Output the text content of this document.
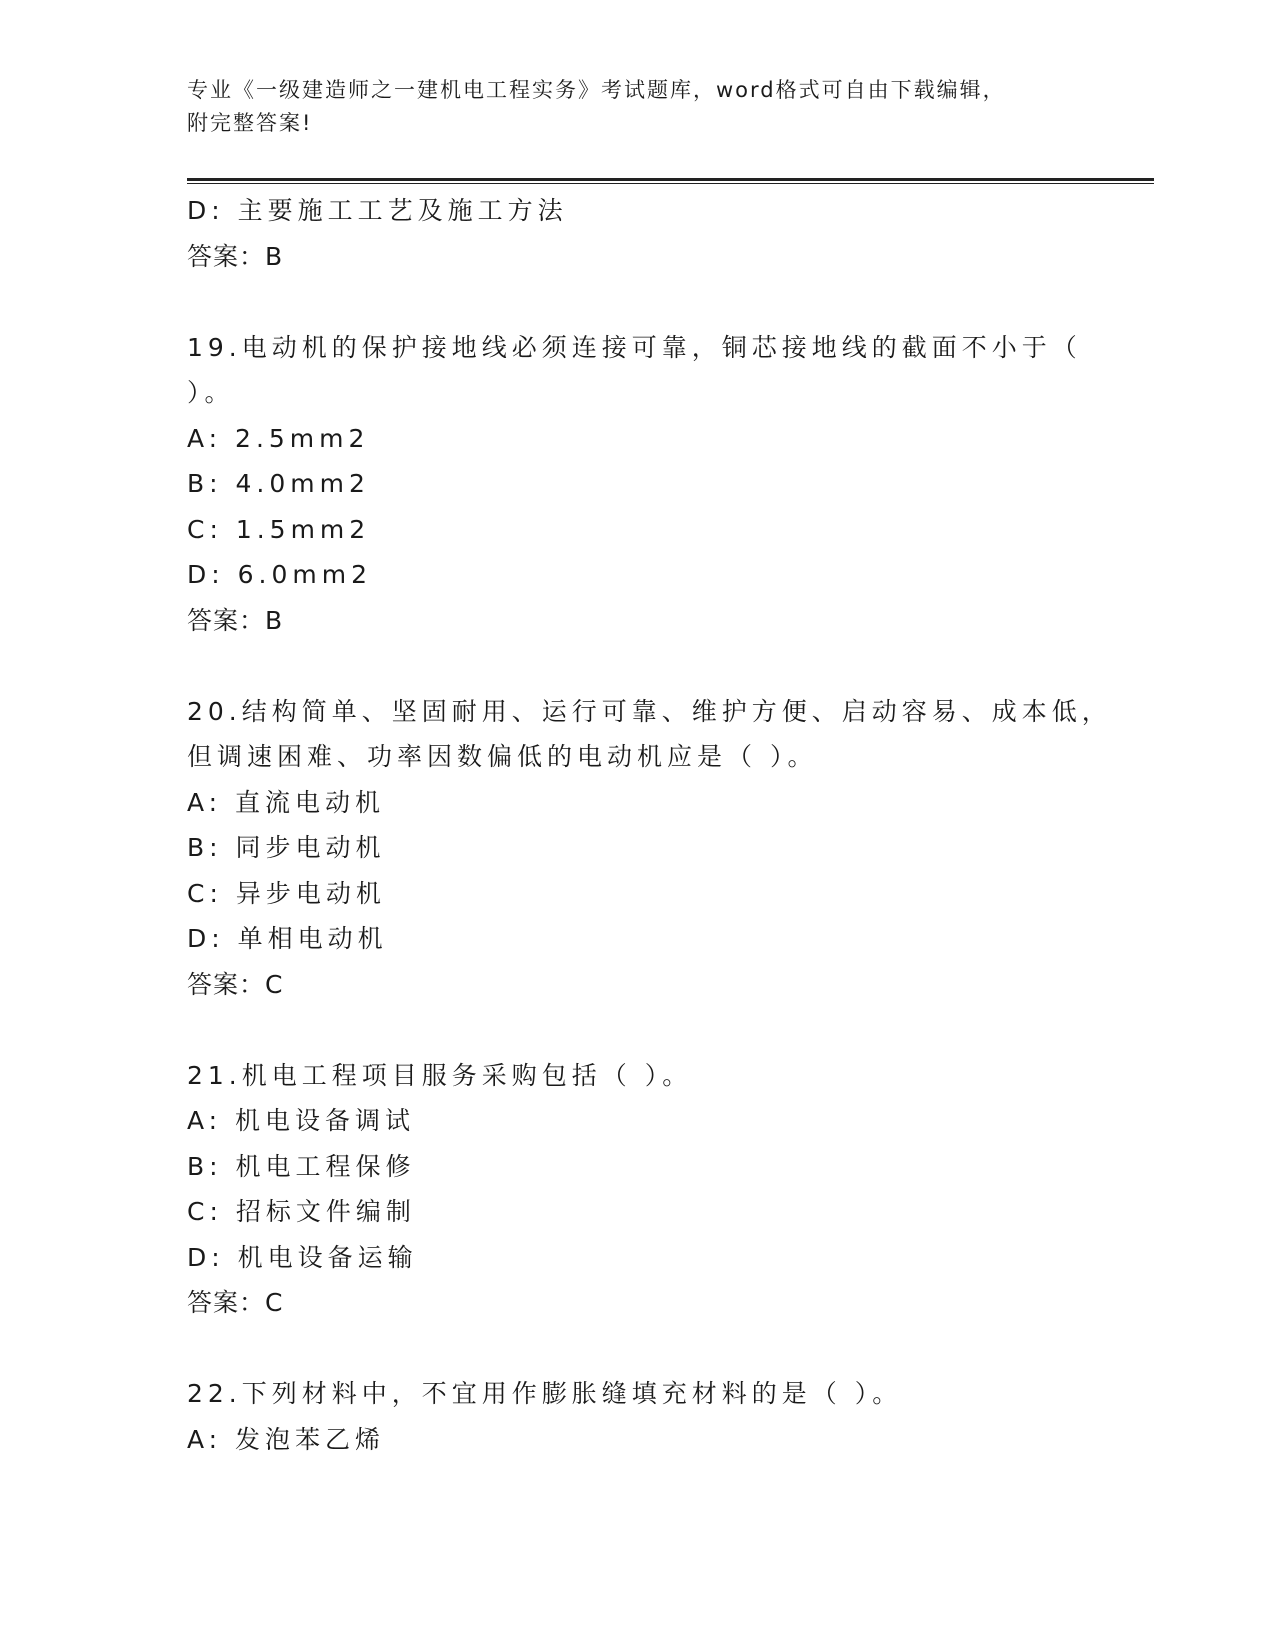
专业《一级建造师之一建机电工程实务》考试题库，word格式可自由下载编辑，
附完整答案!
D: 主要施工工艺及施工方法
答案：B
19.电动机的保护接地线必须连接可靠，铜芯接地线的截面不小于（
）。
A: 2.5mm2
B: 4.0mm2
C: 1.5mm2
D: 6.0mm2
答案：B
20.结构简单、坚固耐用、运行可靠、维护方便、启动容易、成本低，
但调速困难、功率因数偏低的电动机应是（ ）。
A: 直流电动机
B: 同步电动机
C: 异步电动机
D: 单相电动机
答案：C
21.机电工程项目服务采购包括（ ）。
A: 机电设备调试
B: 机电工程保修
C: 招标文件编制
D: 机电设备运输
答案：C
22.下列材料中，不宜用作膨胀缝填充材料的是（ ）。
A: 发泡苯乙烯
